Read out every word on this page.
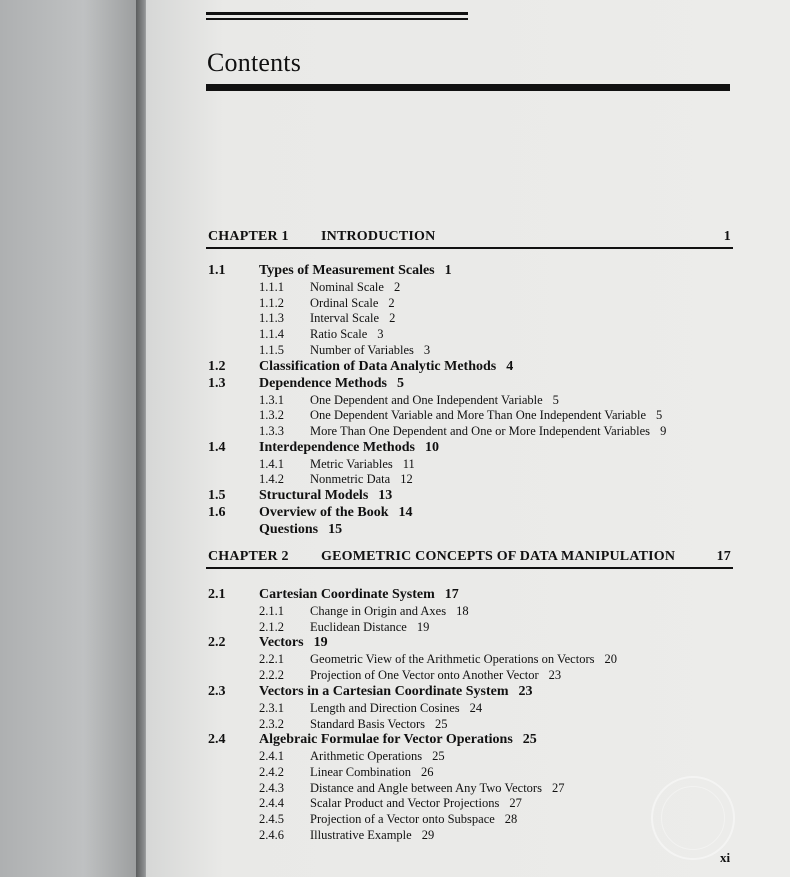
Contents
CHAPTER 1 INTRODUCTION	1
1.1 Types of Measurement Scales 1
1.1.1 Nominal Scale 2
1.1.2 Ordinal Scale 2
1.1.3 Interval Scale 2
1.1.4 Ratio Scale 3
1.1.5 Number of Variables 3
1.2 Classification of Data Analytic Methods 4
1.3 Dependence Methods 5
1.3.1 One Dependent and One Independent Variable 5
1.3.2 One Dependent Variable and More Than One Independent Variable 5
1.3.3 More Than One Dependent and One or More Independent Variables 9
1.4 Interdependence Methods 10
1.4.1 Metric Variables 11
1.4.2 Nonmetric Data 12
1.5 Structural Models 13
1.6 Overview of the Book 14
Questions 15
CHAPTER 2 GEOMETRIC CONCEPTS OF DATA MANIPULATION	17
2.1 Cartesian Coordinate System 17
2.1.1 Change in Origin and Axes 18
2.1.2 Euclidean Distance 19
2.2 Vectors 19
2.2.1 Geometric View of the Arithmetic Operations on Vectors 20
2.2.2 Projection of One Vector onto Another Vector 23
2.3 Vectors in a Cartesian Coordinate System 23
2.3.1 Length and Direction Cosines 24
2.3.2 Standard Basis Vectors 25
2.4 Algebraic Formulae for Vector Operations 25
2.4.1 Arithmetic Operations 25
2.4.2 Linear Combination 26
2.4.3 Distance and Angle between Any Two Vectors 27
2.4.4 Scalar Product and Vector Projections 27
2.4.5 Projection of a Vector onto Subspace 28
2.4.6 Illustrative Example 29
xi
